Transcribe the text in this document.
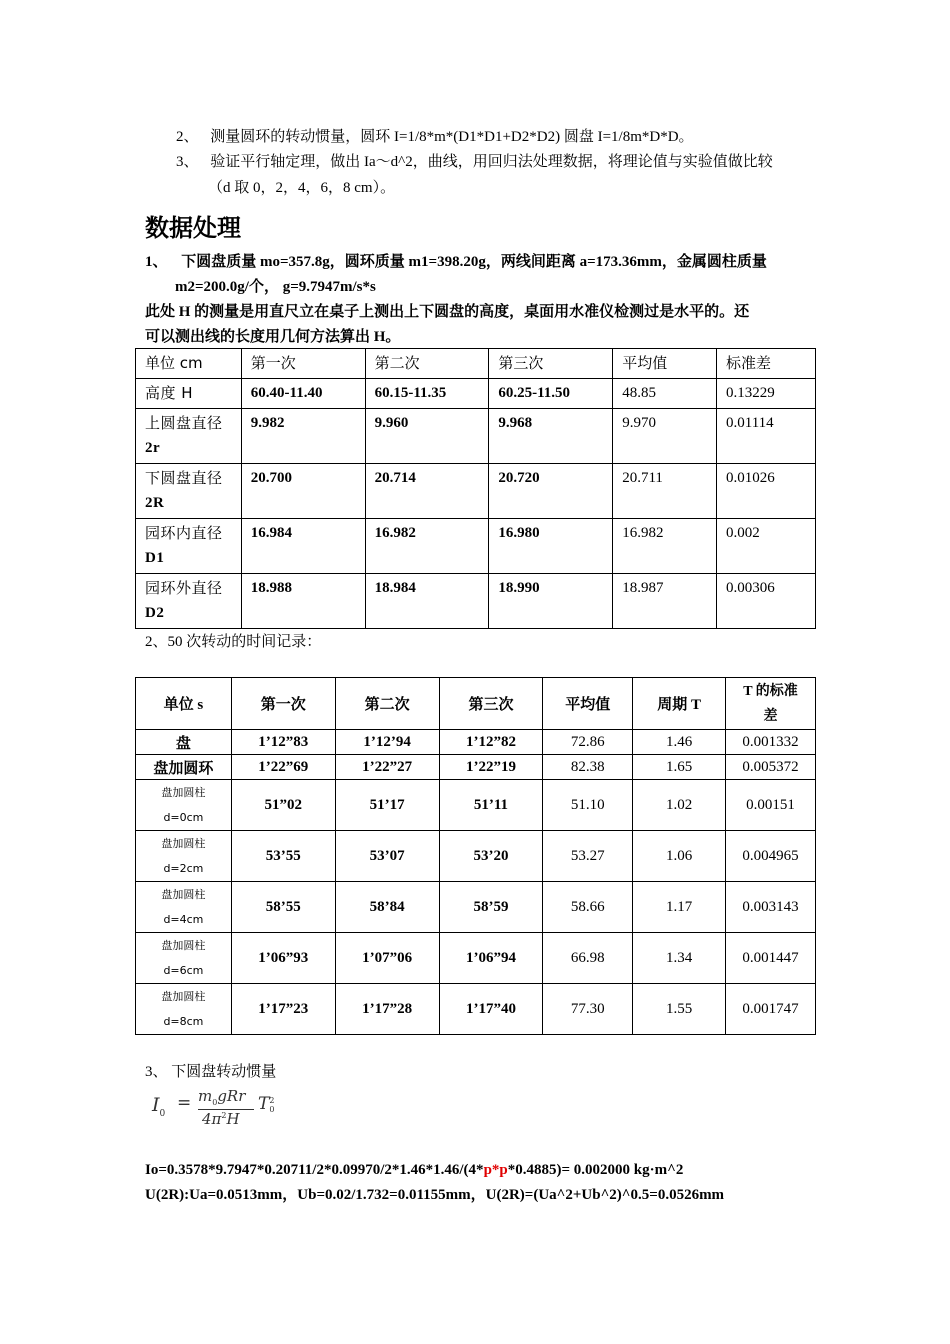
2、 测量圆环的转动惯量，圆环 I=1/8*m*(D1*D1+D2*D2) 圆盘 I=1/8m*D*D。
3、 验证平行轴定理，做出 Ia～d^2，曲线，用回归法处理数据，将理论值与实验值做比较
（d 取 0，2，4，6，8 cm）。
数据处理
1、 下圆盘质量 mo=357.8g，圆环质量 m1=398.20g，两线间距离 a=173.36mm，金属圆柱质量
m2=200.0g/个， g=9.7947m/s*s
此处 H 的测量是用直尺立在桌子上测出上下圆盘的高度，桌面用水准仪检测过是水平的。还
可以测出线的长度用几何方法算出 H。
单位 cm	第一次	第二次	第三次	平均值	标准差
高度 H	60.40-11.40	60.15-11.35	60.25-11.50	48.85	0.13229

上圆盘直径
2r	9.982	9.960	9.968	9.970	0.01114

下圆盘直径
2R	20.700	20.714	20.720	20.711	0.01026

园环内直径
D1	16.984	16.982	16.980	16.982	0.002

园环外直径
D2	18.988	18.984	18.990	18.987	0.00306
2、50 次转动的时间记录：
单位 s	第一次	第二次	第三次	平均值	周期 T	T 的标准
差

盘	1’12”83	1’12’94	1’12”82	72.86	1.46	0.001332
盘加圆环	1’22”69	1’22”27	1’22”19	82.38	1.65	0.005372

盘加圆柱
d=0cm	51”02	51’17	51’11	51.10	1.02	0.00151

盘加圆柱
d=2cm	53’55	53’07	53’20	53.27	1.06	0.004965

盘加圆柱
d=4cm	58’55	58’84	58’59	58.66	1.17	0.003143

盘加圆柱
d=6cm	1’06”93	1’07”06	1’06”94	66.98	1.34	0.001447

盘加圆柱
d=8cm	1’17”23	1’17”28	1’17”40	77.30	1.55	0.001747
3、 下圆盘转动惯量
$I_0$
= $m_0gRr$
$4\pi^2H$
T 2
0
Io=0.3578*9.7947*0.20711/2*0.09970/2*1.46*1.46/(4*p*p*0.4885)= 0.002000 kg·m^2
U(2R):Ua=0.0513mm，Ub=0.02/1.732=0.01155mm，U(2R)=(Ua^2+Ub^2)^0.5=0.0526mm
